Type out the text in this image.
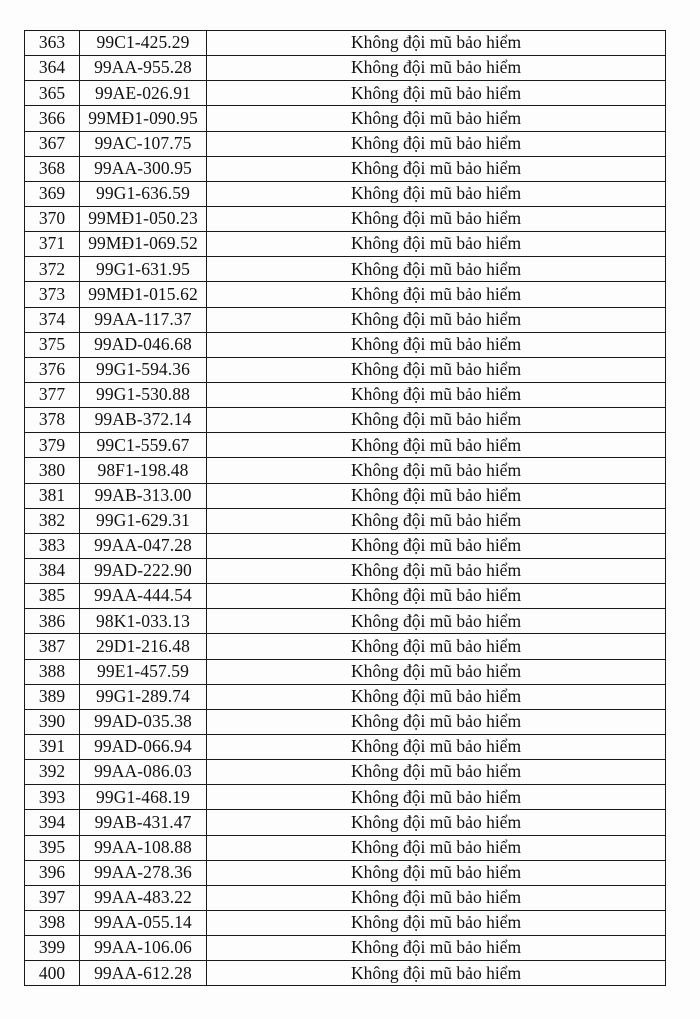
363	99C1-425.29	Không đội mũ bảo hiểm
364	99AA-955.28	Không đội mũ bảo hiểm
365	99AE-026.91	Không đội mũ bảo hiểm
366	99MĐ1-090.95	Không đội mũ bảo hiểm
367	99AC-107.75	Không đội mũ bảo hiểm
368	99AA-300.95	Không đội mũ bảo hiểm
369	99G1-636.59	Không đội mũ bảo hiểm
370	99MĐ1-050.23	Không đội mũ bảo hiểm
371	99MĐ1-069.52	Không đội mũ bảo hiểm
372	99G1-631.95	Không đội mũ bảo hiểm
373	99MĐ1-015.62	Không đội mũ bảo hiểm
374	99AA-117.37	Không đội mũ bảo hiểm
375	99AD-046.68	Không đội mũ bảo hiểm
376	99G1-594.36	Không đội mũ bảo hiểm
377	99G1-530.88	Không đội mũ bảo hiểm
378	99AB-372.14	Không đội mũ bảo hiểm
379	99C1-559.67	Không đội mũ bảo hiểm
380	98F1-198.48	Không đội mũ bảo hiểm
381	99AB-313.00	Không đội mũ bảo hiểm
382	99G1-629.31	Không đội mũ bảo hiểm
383	99AA-047.28	Không đội mũ bảo hiểm
384	99AD-222.90	Không đội mũ bảo hiểm
385	99AA-444.54	Không đội mũ bảo hiểm
386	98K1-033.13	Không đội mũ bảo hiểm
387	29D1-216.48	Không đội mũ bảo hiểm
388	99E1-457.59	Không đội mũ bảo hiểm
389	99G1-289.74	Không đội mũ bảo hiểm
390	99AD-035.38	Không đội mũ bảo hiểm
391	99AD-066.94	Không đội mũ bảo hiểm
392	99AA-086.03	Không đội mũ bảo hiểm
393	99G1-468.19	Không đội mũ bảo hiểm
394	99AB-431.47	Không đội mũ bảo hiểm
395	99AA-108.88	Không đội mũ bảo hiểm
396	99AA-278.36	Không đội mũ bảo hiểm
397	99AA-483.22	Không đội mũ bảo hiểm
398	99AA-055.14	Không đội mũ bảo hiểm
399	99AA-106.06	Không đội mũ bảo hiểm
400	99AA-612.28	Không đội mũ bảo hiểm
